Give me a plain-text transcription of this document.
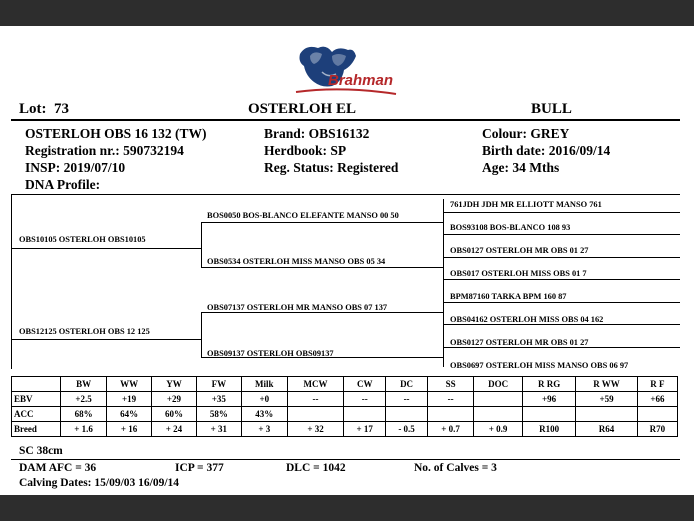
Brahman
Lot: 73	OSTERLOH EL	BULL
OSTERLOH OBS 16 132 (TW)
Registration nr.: 590732194
INSP: 2019/07/10
DNA Profile:
Brand: OBS16132
Herdbook: SP
Reg. Status: Registered
Colour: GREY
Birth date: 2016/09/14
Age: 34 Mths
OBS10105 OSTERLOH OBS10105
OBS12125 OSTERLOH OBS 12 125
BOS0050 BOS-BLANCO ELEFANTE MANSO 00 50
OBS0534 OSTERLOH MISS MANSO OBS 05 34
OBS07137 OSTERLOH MR MANSO OBS 07 137
OBS09137 OSTERLOH OBS09137
761JDH JDH MR ELLIOTT MANSO 761
BOS93108 BOS-BLANCO 108 93
OBS0127 OSTERLOH MR OBS 01 27
OBS017 OSTERLOH MISS OBS 01 7
BPM87160 TARKA BPM 160 87
OBS04162 OSTERLOH MISS OBS 04 162
OBS0127 OSTERLOH MR OBS 01 27
OBS0697 OSTERLOH MISS MANSO OBS 06 97
	BW	WW	YW	FW	Milk	MCW	CW	DC	SS	DOC	R RG	R WW	R F
EBV	+2.5	+19	+29	+35	+0	--	--	--	--		+96	+59	+66
ACC	68%	64%	60%	58%	43%								
Breed	+ 1.6	+ 16	+ 24	+ 31	+ 3	+ 32	+ 17	- 0.5	+ 0.7	+ 0.9	R100	R64	R70
SC 38cm
DAM AFC = 36	ICP = 377	DLC = 1042	No. of Calves = 3
Calving Dates: 15/09/03 16/09/14
